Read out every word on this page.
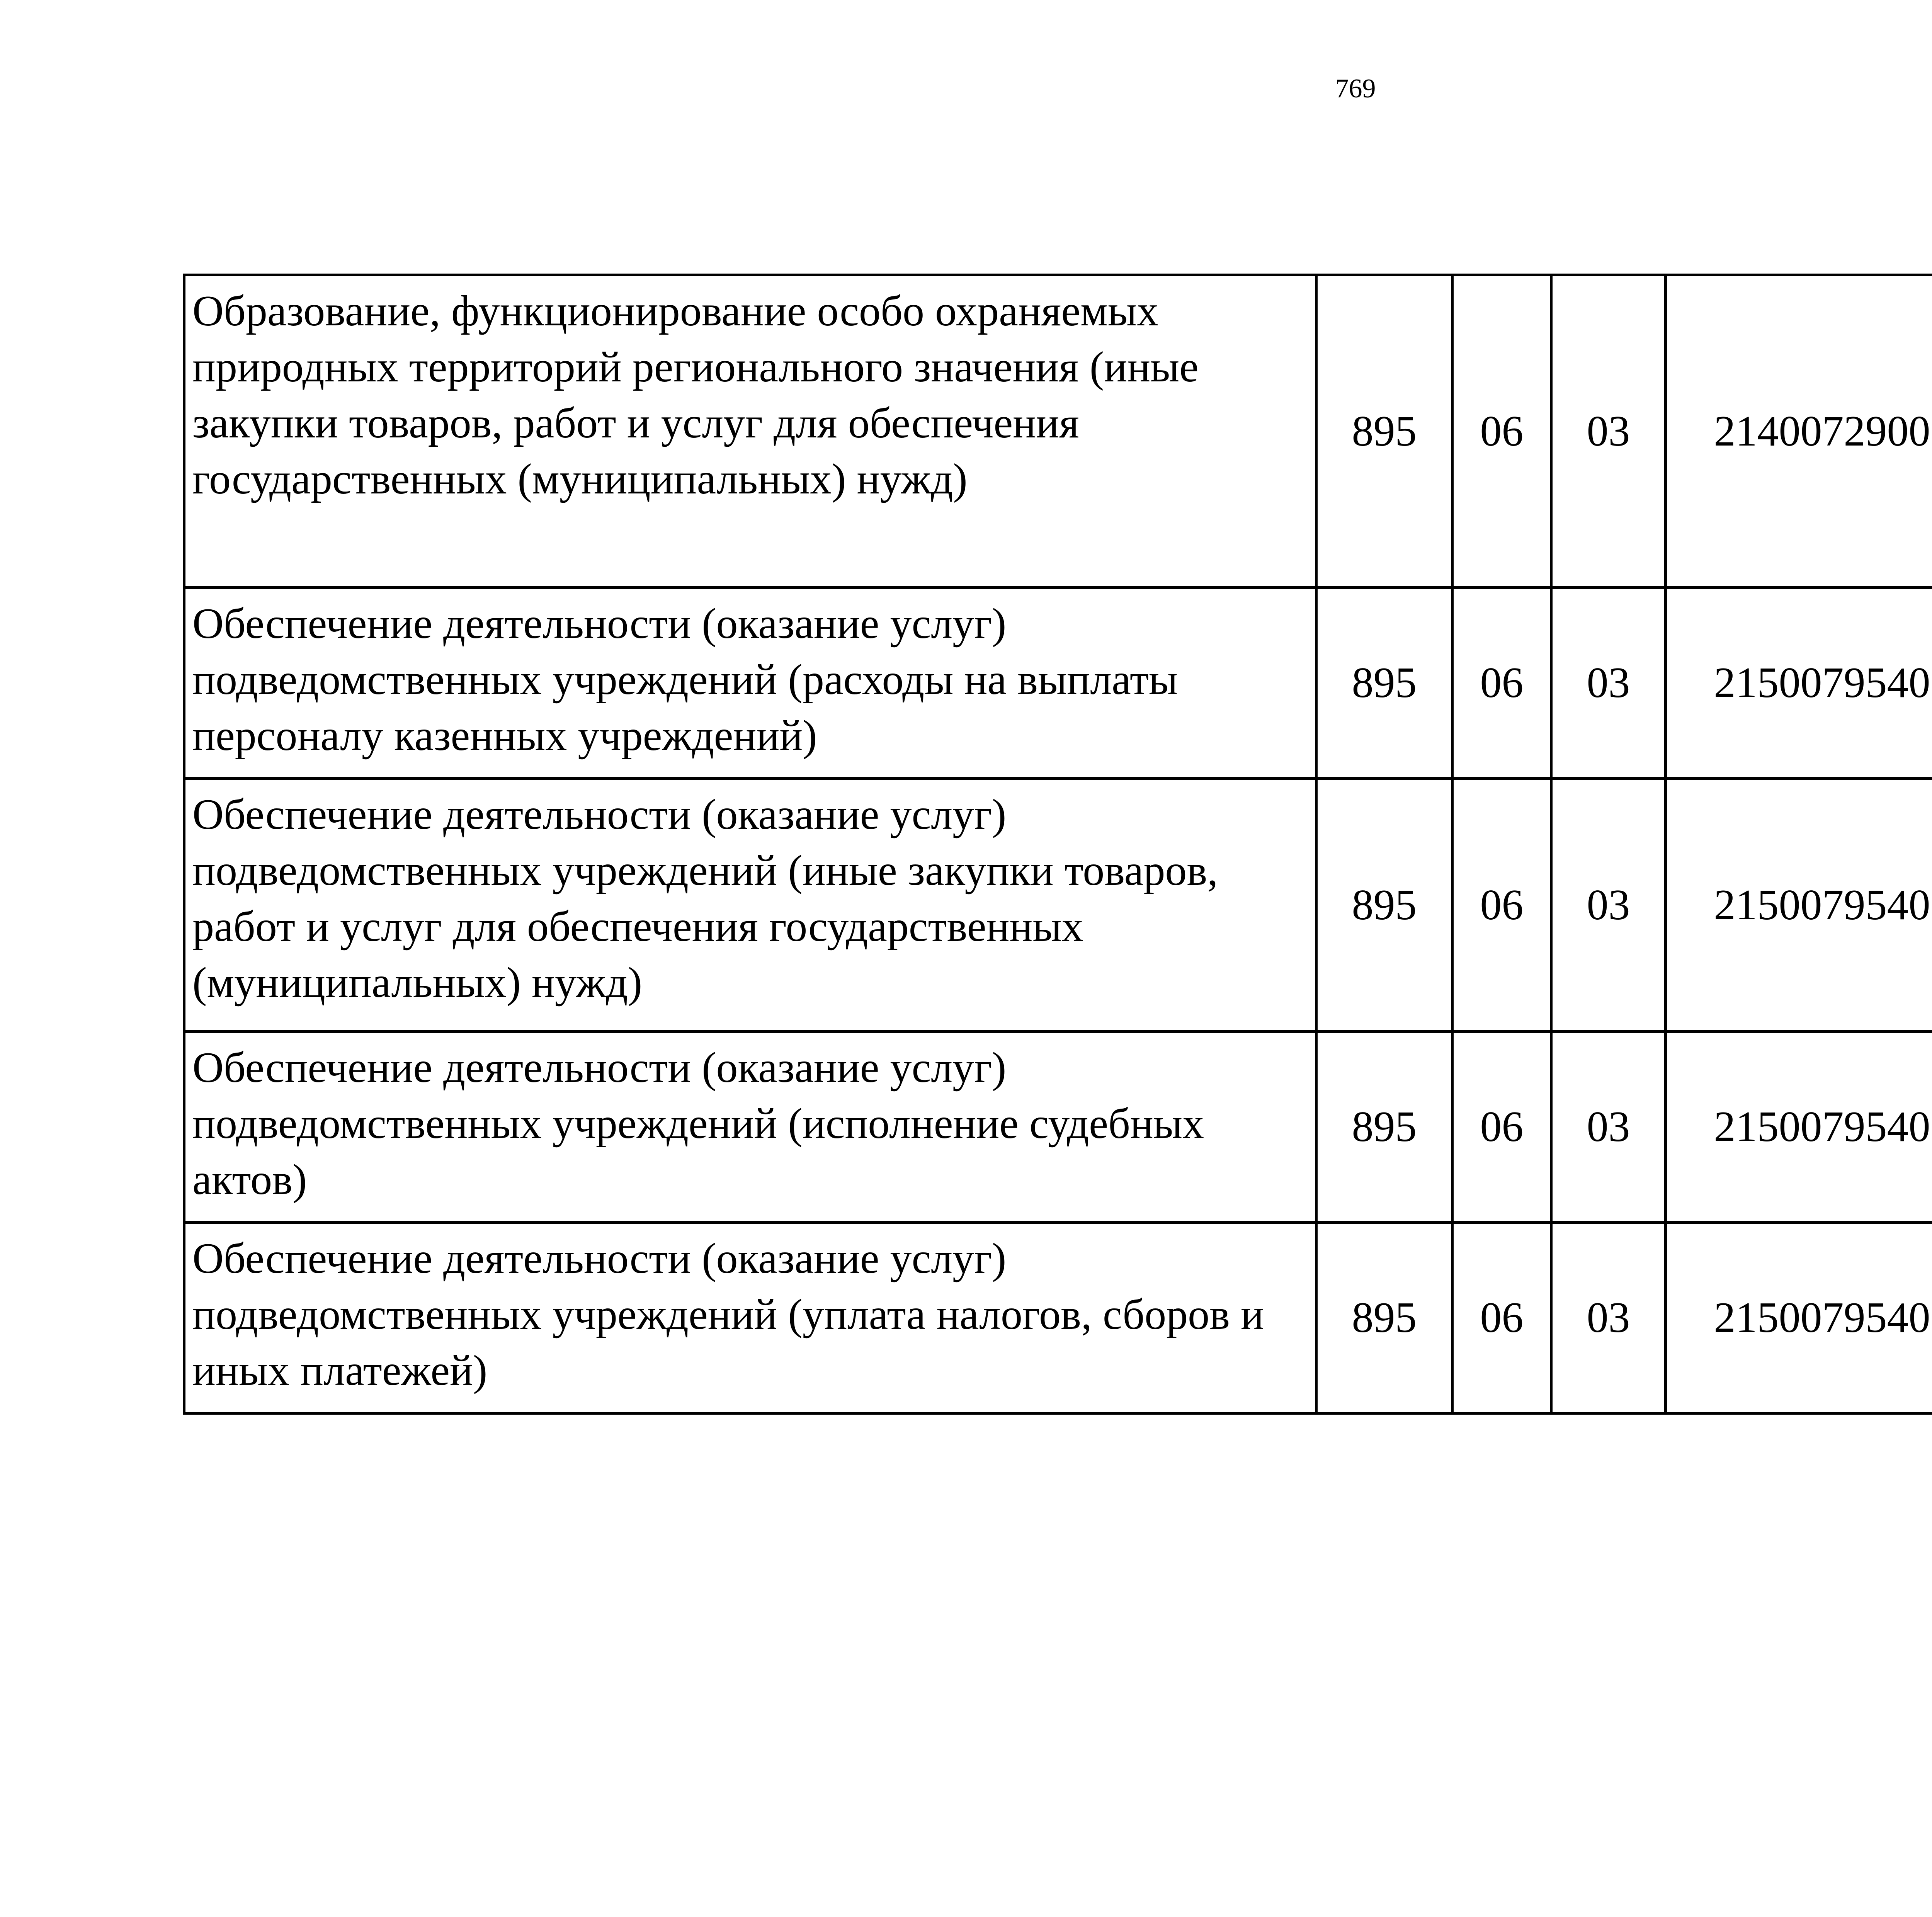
769
Образование, функционирование особо охраняемых природных территорий регионального значения (иные закупки товаров, работ и услуг для обеспечения государственных (муниципальных) нужд)	895	06	03	2140072900		
Обеспечение деятельности (оказание услуг) подведомственных учреждений (расходы на выплаты персоналу казенных учреждений)	895	06	03	2150079540		
Обеспечение деятельности (оказание услуг) подведомственных учреждений (иные закупки товаров, работ и услуг для обеспечения государственных (муниципальных) нужд)	895	06	03	2150079540		
Обеспечение деятельности (оказание услуг) подведомственных учреждений (исполнение судебных актов)	895	06	03	2150079540		
Обеспечение деятельности (оказание услуг) подведомственных учреждений (уплата налогов, сборов и иных платежей)	895	06	03	2150079540		
